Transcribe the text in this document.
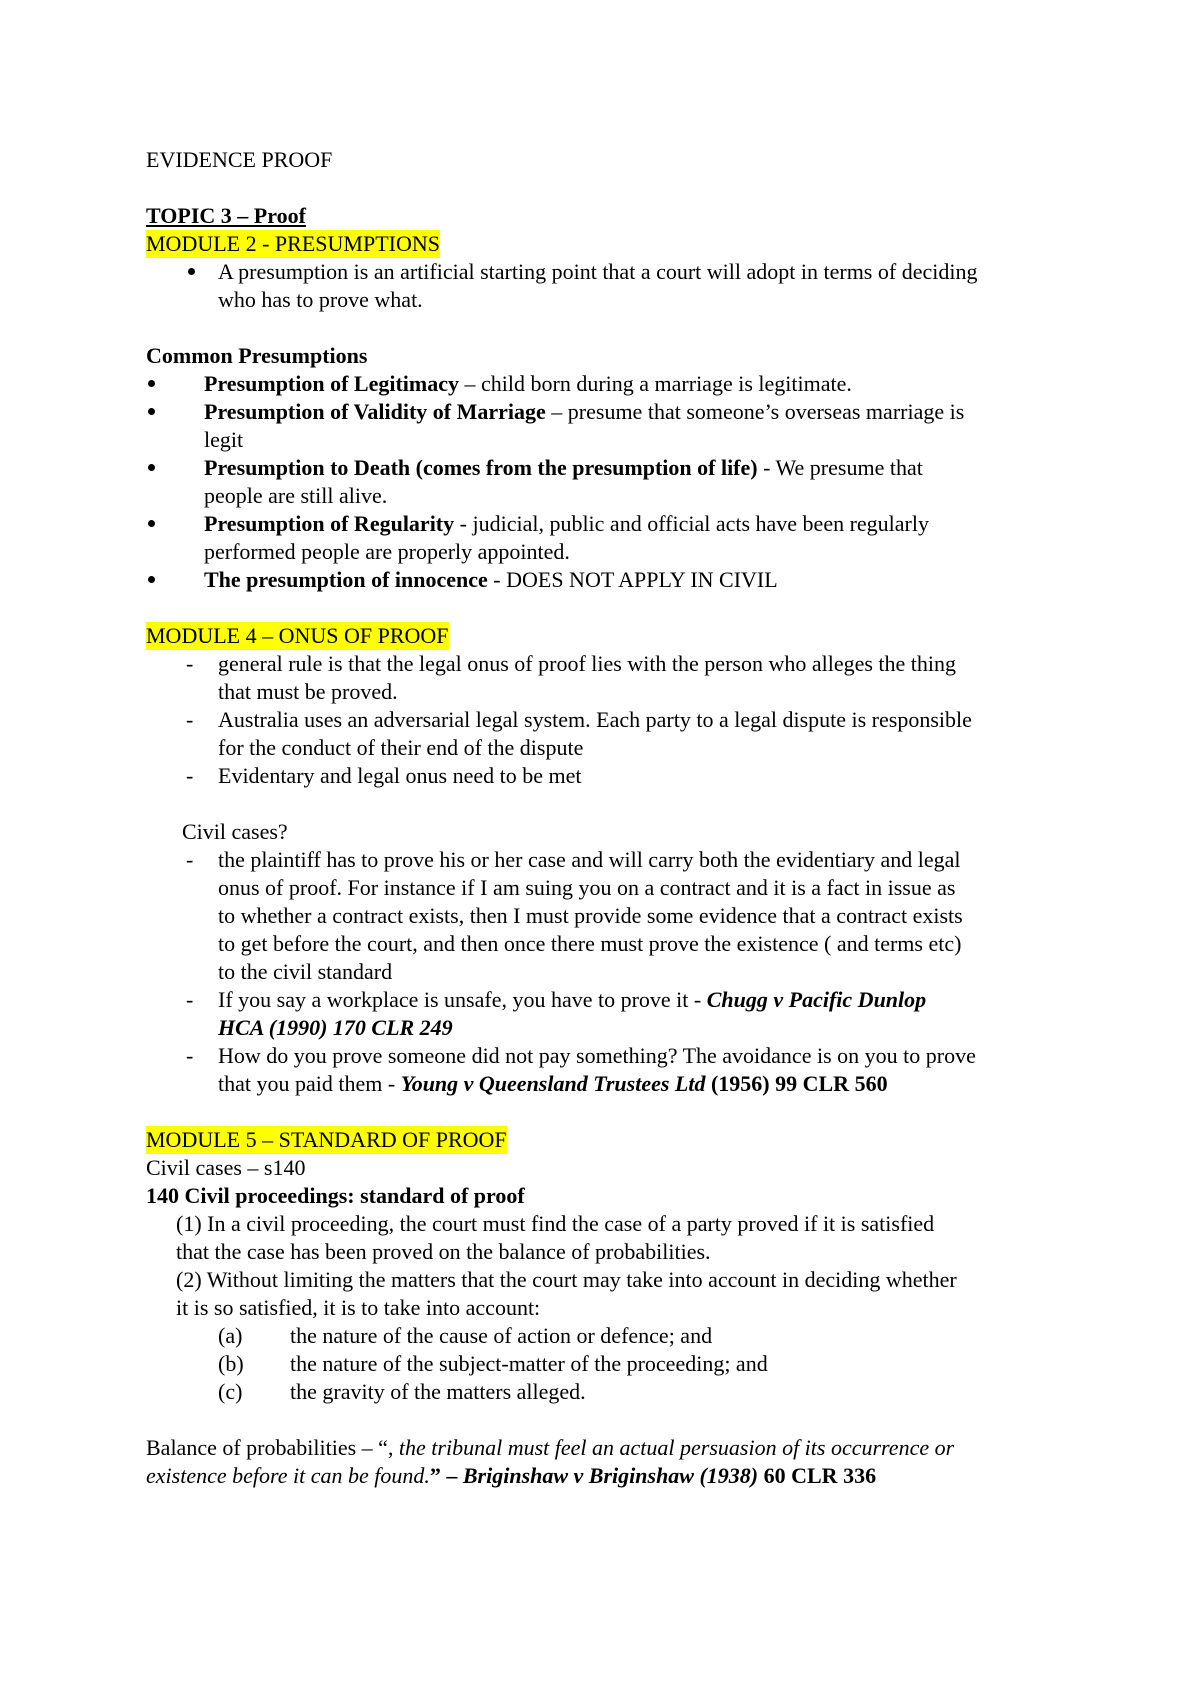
EVIDENCE PROOF
TOPIC 3 – Proof
MODULE 2 - PRESUMPTIONS
A presumption is an artificial starting point that a court will adopt in terms of deciding
who has to prove what.
Common Presumptions
Presumption of Legitimacy – child born during a marriage is legitimate.
Presumption of Validity of Marriage – presume that someone’s overseas marriage is
legit
Presumption to Death (comes from the presumption of life) - We presume that
people are still alive.
Presumption of Regularity - judicial, public and official acts have been regularly
performed people are properly appointed.
The presumption of innocence - DOES NOT APPLY IN CIVIL
MODULE 4 – ONUS OF PROOF
- general rule is that the legal onus of proof lies with the person who alleges the thing
that must be proved.
- Australia uses an adversarial legal system. Each party to a legal dispute is responsible
for the conduct of their end of the dispute
- Evidentary and legal onus need to be met
Civil cases?
- the plaintiff has to prove his or her case and will carry both the evidentiary and legal
onus of proof. For instance if I am suing you on a contract and it is a fact in issue as
to whether a contract exists, then I must provide some evidence that a contract exists
to get before the court, and then once there must prove the existence ( and terms etc)
to the civil standard
- If you say a workplace is unsafe, you have to prove it - Chugg v Pacific Dunlop
HCA (1990) 170 CLR 249
- How do you prove someone did not pay something? The avoidance is on you to prove
that you paid them - Young v Queensland Trustees Ltd (1956) 99 CLR 560
MODULE 5 – STANDARD OF PROOF
Civil cases – s140
140 Civil proceedings: standard of proof
(1) In a civil proceeding, the court must find the case of a party proved if it is satisfied
that the case has been proved on the balance of probabilities.
(2) Without limiting the matters that the court may take into account in deciding whether
it is so satisfied, it is to take into account:
(a) the nature of the cause of action or defence; and
(b) the nature of the subject-matter of the proceeding; and
(c) the gravity of the matters alleged.
Balance of probabilities – “, the tribunal must feel an actual persuasion of its occurrence or
existence before it can be found.” – Briginshaw v Briginshaw (1938) 60 CLR 336
